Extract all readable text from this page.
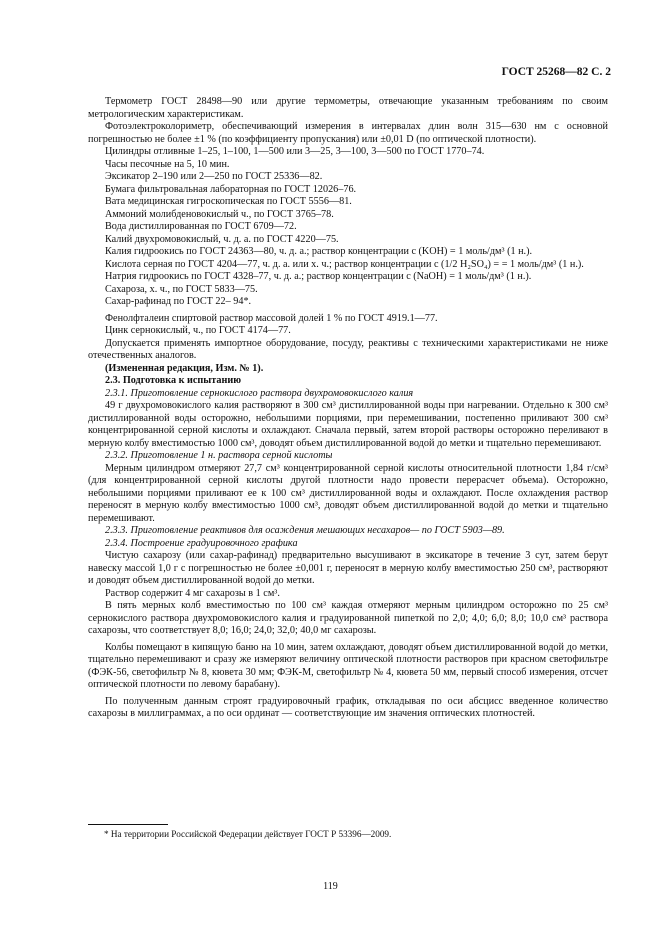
ГОСТ 25268—82 С. 2

Термометр ГОСТ 28498—90 или другие термометры, отвечающие указанным требованиям по своим метрологическим характеристикам.

Фотоэлектроколориметр, обеспечивающий измерения в интервалах длин волн 315—630 нм с основной погрешностью не более ±1 % (по коэффициенту пропускания) или ±0,01 D (по оптической плотности).

Цилиндры отливные 1–25, 1–100, 1—500 или 3—25, 3—100, 3—500 по ГОСТ 1770–74.

Часы песочные на 5, 10 мин.

Эксикатор 2–190 или 2—250 по ГОСТ 25336—82.

Бумага фильтровальная лабораторная по ГОСТ 12026–76.

Вата медицинская гигроскопическая по ГОСТ 5556—81.

Аммоний молибденовокислый ч., по ГОСТ 3765–78.

Вода дистиллированная по ГОСТ 6709—72.

Калий двухромовокислый, ч. д. а. по ГОСТ 4220—75.

Калия гидроокись по ГОСТ 24363—80, ч. д. а.; раствор концентрации c (KOH) = 1 моль/дм³ (1 н.).

Кислота серная по ГОСТ 4204—77, ч. д. а. или х. ч.; раствор концентрации c (1/2 H₂SO₄) = = 1 моль/дм³ (1 н.).

Натрия гидроокись по ГОСТ 4328–77, ч. д. а.; раствор концентрации c (NaOH) = 1 моль/дм³ (1 н.).

Сахароза, х. ч., по ГОСТ 5833—75.

Сахар-рафинад по ГОСТ 22– 94*.

Фенолфталеин спиртовой раствор массовой долей 1 % по ГОСТ 4919.1—77.

Цинк сернокислый, ч., по ГОСТ 4174—77.

Допускается применять импортное оборудование, посуду, реактивы с техническими характеристиками не ниже отечественных аналогов.

(Измененная редакция, Изм. № 1).

2.3. Подготовка к испытанию

2.3.1. Приготовление сернокислого раствора двухромовокислого калия

49 г двухромовокислого калия растворяют в 300 см³ дистиллированной воды при нагревании. Отдельно к 300 см³ дистиллированной воды осторожно, небольшими порциями, при перемешивании, постепенно приливают 300 см³ концентрированной серной кислоты и охлаждают. Сначала первый, затем второй растворы осторожно переливают в мерную колбу вместимостью 1000 см³, доводят объем дистиллированной водой до метки и тщательно перемешивают.

2.3.2. Приготовление 1 н. раствора серной кислоты

Мерным цилиндром отмеряют 27,7 см³ концентрированной серной кислоты относительной плотности 1,84 г/см³ (для концентрированной серной кислоты другой плотности надо провести перерасчет объема). Осторожно, небольшими порциями приливают ее к 100 см³ дистиллированной воды и охлаждают. После охлаждения раствор переносят в мерную колбу вместимостью 1000 см³, доводят объем дистиллированной водой до метки и тщательно перемешивают.

2.3.3. Приготовление реактивов для осаждения мешающих несахаров— по ГОСТ 5903—89.

2.3.4. Построение градуировочного графика

Чистую сахарозу (или сахар-рафинад) предварительно высушивают в эксикаторе в течение 3 сут, затем берут навеску массой 1,0 г с погрешностью не более ±0,001 г, переносят в мерную колбу вместимостью 250 см³, растворяют и доводят объем дистиллированной водой до метки.

Раствор содержит 4 мг сахарозы в 1 см³.

В пять мерных колб вместимостью по 100 см³ каждая отмеряют мерным цилиндром осторожно по 25 см³ сернокислого раствора двухромовокислого калия и градуированной пипеткой по 2,0; 4,0; 6,0; 8,0; 10,0 см³ раствора сахарозы, что соответствует 8,0; 16,0; 24,0; 32,0; 40,0 мг сахарозы.

Колбы помещают в кипящую баню на 10 мин, затем охлаждают, доводят объем дистиллированной водой до метки, тщательно перемешивают и сразу же измеряют величину оптической плотности растворов при красном светофильтре (ФЭК-56, светофильтр № 8, кювета 30 мм; ФЭК-М, светофильтр № 4, кювета 50 мм, первый способ измерения, отсчет оптической плотности по левому барабану).

По полученным данным строят градуировочный график, откладывая по оси абсцисс введенное количество сахарозы в миллиграммах, а по оси ординат — соответствующие им значения оптических плотностей.

* На территории Российской Федерации действует ГОСТ Р 53396—2009.
119
